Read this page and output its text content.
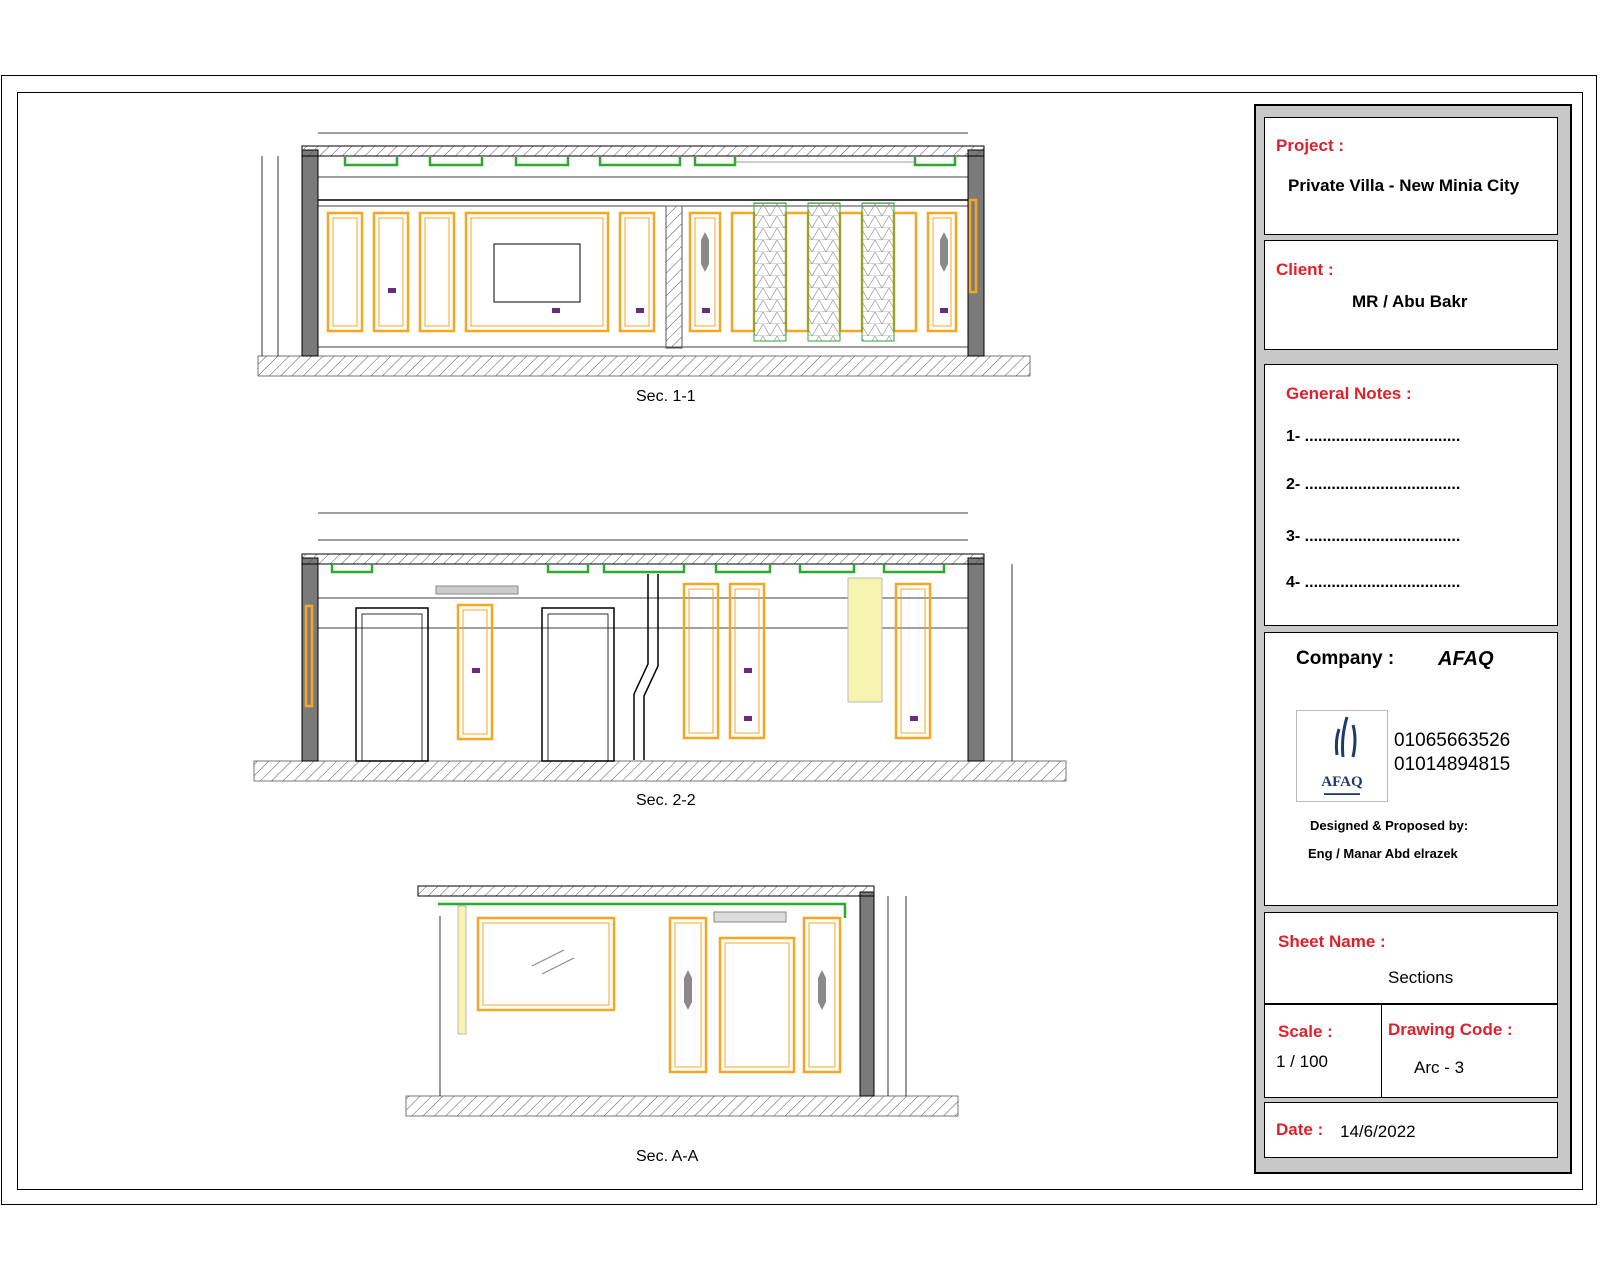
Sec. 1-1
Sec. 2-2
Sec. A-A
Project :
Private Villa - New Minia City
Client :
MR / Abu Bakr
General Notes :
1- ...................................
2- ...................................
3- ...................................
4- ...................................
Company : AFAQ
AFAQ
▬▬▬▬▬▬
01065663526
01014894815
Designed & Proposed by:
Eng / Manar Abd elrazek
Sheet Name :
Sections
Scale :
1 / 100
Drawing Code :
Arc - 3
Date : 14/6/2022
